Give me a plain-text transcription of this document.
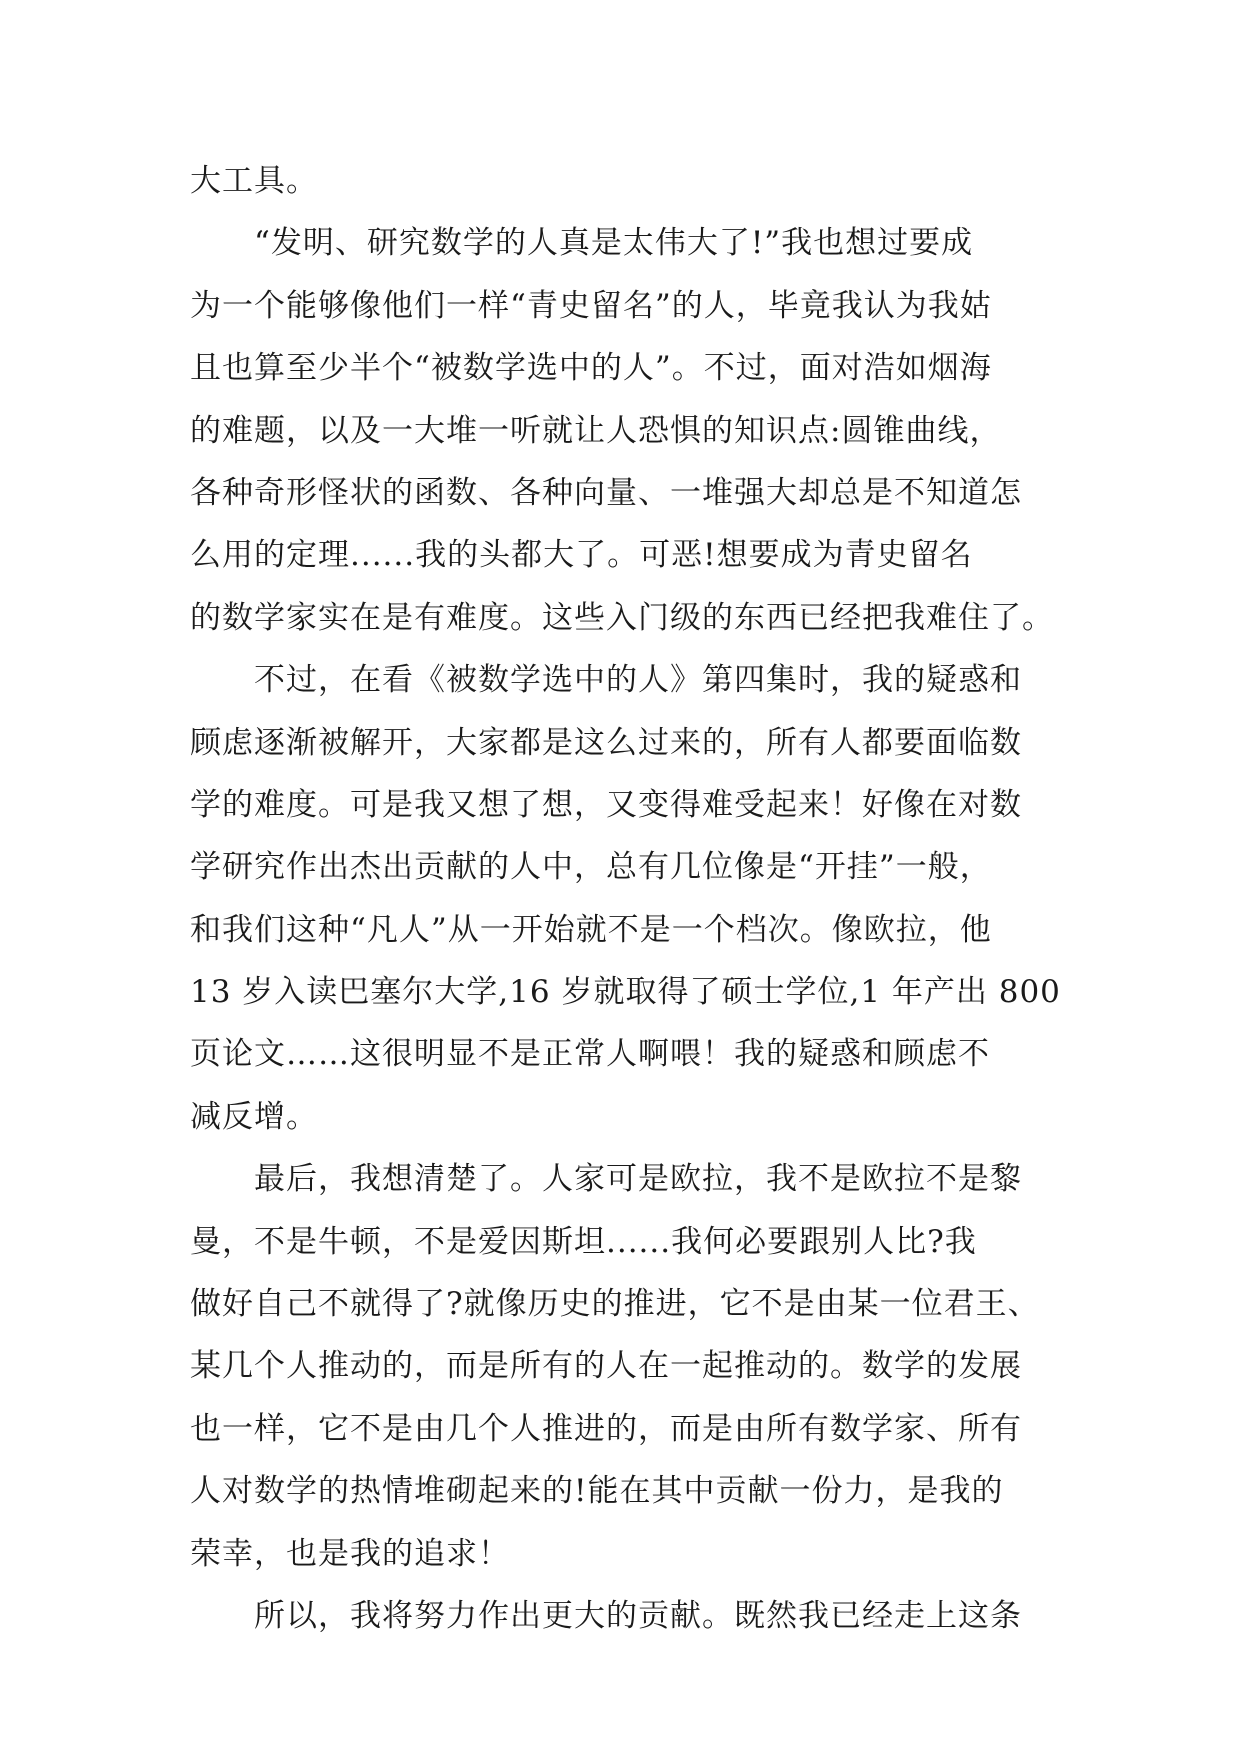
大工具。
　　“发明、研究数学的人真是太伟大了!”我也想过要成
为一个能够像他们一样“青史留名”的人，毕竟我认为我姑
且也算至少半个“被数学选中的人”。不过，面对浩如烟海
的难题，以及一大堆一听就让人恐惧的知识点:圆锥曲线，
各种奇形怪状的函数、各种向量、一堆强大却总是不知道怎
么用的定理......我的头都大了。可恶!想要成为青史留名
的数学家实在是有难度。这些入门级的东西已经把我难住了。
　　不过，在看《被数学选中的人》第四集时，我的疑惑和
顾虑逐渐被解开，大家都是这么过来的，所有人都要面临数
学的难度。可是我又想了想，又变得难受起来！好像在对数
学研究作出杰出贡献的人中，总有几位像是“开挂”一般，
和我们这种“凡人”从一开始就不是一个档次。像欧拉，他
13 岁入读巴塞尔大学,16 岁就取得了硕士学位,1 年产出 800
页论文……这很明显不是正常人啊喂！我的疑惑和顾虑不
减反增。
　　最后，我想清楚了。人家可是欧拉，我不是欧拉不是黎
曼，不是牛顿，不是爱因斯坦......我何必要跟别人比?我
做好自己不就得了?就像历史的推进，它不是由某一位君王、
某几个人推动的，而是所有的人在一起推动的。数学的发展
也一样，它不是由几个人推进的，而是由所有数学家、所有
人对数学的热情堆砌起来的!能在其中贡献一份力，是我的
荣幸，也是我的追求！
　　所以，我将努力作出更大的贡献。既然我已经走上这条
